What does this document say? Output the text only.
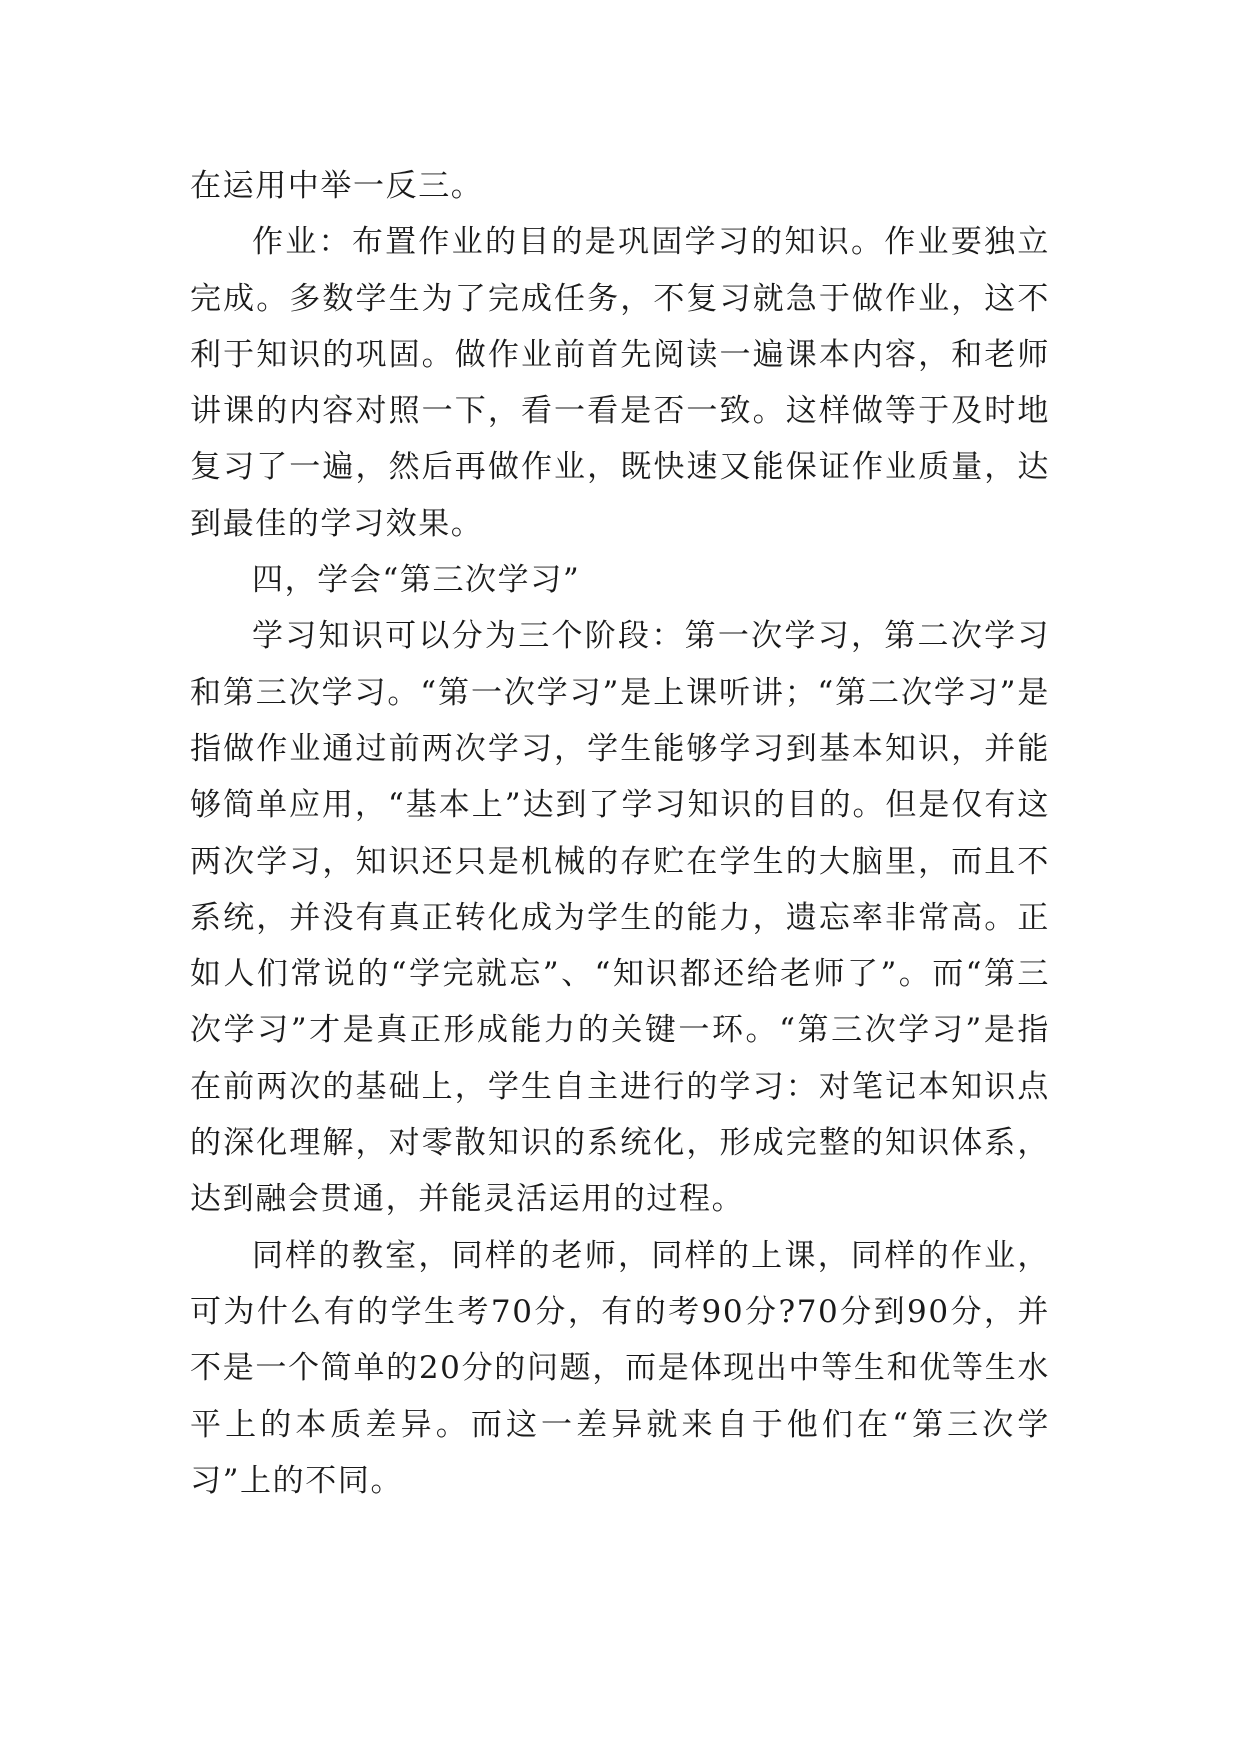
在运用中举一反三。

作业：布置作业的目的是巩固学习的知识。作业要独立完成。多数学生为了完成任务，不复习就急于做作业，这不利于知识的巩固。做作业前首先阅读一遍课本内容，和老师讲课的内容对照一下，看一看是否一致。这样做等于及时地复习了一遍，然后再做作业，既快速又能保证作业质量，达到最佳的学习效果。

四，学会“第三次学习”

学习知识可以分为三个阶段：第一次学习，第二次学习和第三次学习。“第一次学习”是上课听讲；“第二次学习”是指做作业通过前两次学习，学生能够学习到基本知识，并能够简单应用，“基本上”达到了学习知识的目的。但是仅有这两次学习，知识还只是机械的存贮在学生的大脑里，而且不系统，并没有真正转化成为学生的能力，遗忘率非常高。正如人们常说的“学完就忘”、“知识都还给老师了”。而“第三次学习”才是真正形成能力的关键一环。“第三次学习”是指在前两次的基础上，学生自主进行的学习：对笔记本知识点的深化理解，对零散知识的系统化，形成完整的知识体系，达到融会贯通，并能灵活运用的过程。

同样的教室，同样的老师，同样的上课，同样的作业，可为什么有的学生考70分，有的考90分?70分到90分，并不是一个简单的20分的问题，而是体现出中等生和优等生水平上的本质差异。而这一差异就来自于他们在“第三次学习”上的不同。
